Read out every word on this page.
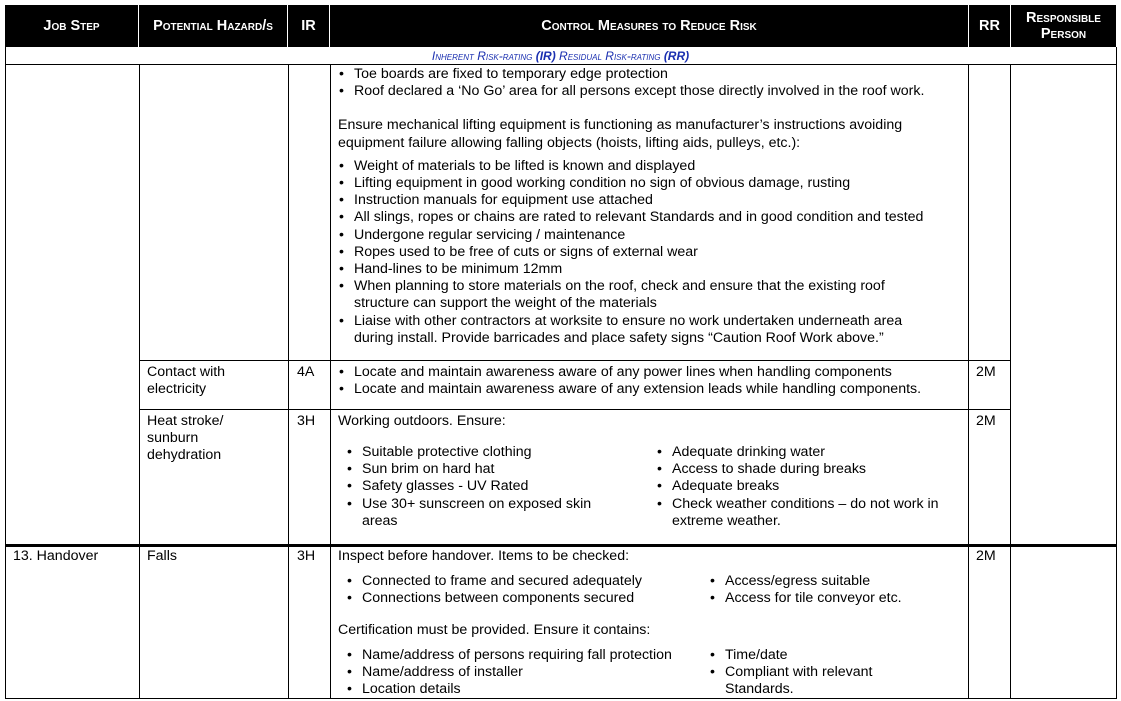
Job Step	Potential Hazard/s	IR	Control Measures to Reduce Risk	RR	Responsible Person
Inherent Risk-rating (IR) Residual Risk-rating (RR)
• Toe boards are fixed to temporary edge protection
• Roof declared a ‘No Go’ area for all persons except those directly involved in the roof work.
Ensure mechanical lifting equipment is functioning as manufacturer’s instructions avoiding equipment failure allowing falling objects (hoists, lifting aids, pulleys, etc.):
• Weight of materials to be lifted is known and displayed
• Lifting equipment in good working condition no sign of obvious damage, rusting
• Instruction manuals for equipment use attached
• All slings, ropes or chains are rated to relevant Standards and in good condition and tested
• Undergone regular servicing / maintenance
• Ropes used to be free of cuts or signs of external wear
• Hand-lines to be minimum 12mm
• When planning to store materials on the roof, check and ensure that the existing roof structure can support the weight of the materials
• Liaise with other contractors at worksite to ensure no work undertaken underneath area during install. Provide barricades and place safety signs “Caution Roof Work above.”
Contact with electricity
4A
•	Locate and maintain awareness aware of any power lines when handling components
• Locate and maintain awareness aware of any extension leads while handling components.
2M
Heat stroke/ sunburn dehydration
3H Working outdoors. Ensure:
• Suitable protective clothing
• Sun brim on hard hat
• Safety glasses - UV Rated
• Use 30+ sunscreen on exposed skin areas
• Adequate drinking water
• Access to shade during breaks
• Adequate breaks
• Check weather conditions – do not work in extreme weather.
2M
13. Handover	Falls	3H Inspect before handover. Items to be checked:
• Connected to frame and secured adequately
• Connections between components secured
• Access/egress suitable
• Access for tile conveyor etc.
Certification must be provided. Ensure it contains:
• Name/address of persons requiring fall protection
• Name/address of installer
• Location details
• Time/date
• Compliant with relevant Standards.
2M
